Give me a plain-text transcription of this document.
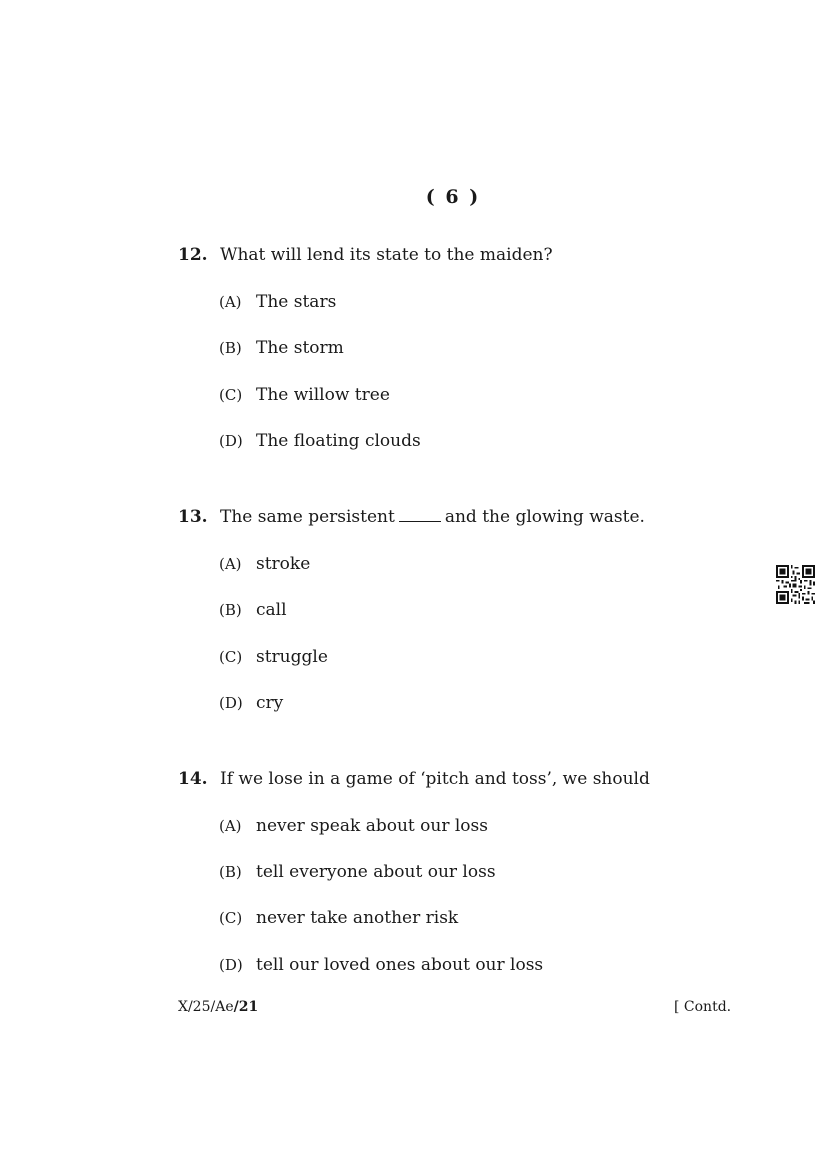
( 6 )
12. What will lend its state to the maiden?
(A) The stars
(B) The storm
(C) The willow tree
(D) The floating clouds
13. The same persistent	and the glowing waste.
(A) stroke
(B) call
(C) struggle
(D) cry
14. If we lose in a game of ‘pitch and toss’, we should
(A) never speak about our loss
(B) tell everyone about our loss
(C) never take another risk
(D) tell our loved ones about our loss
X/25/Ae/21	[ Contd.
